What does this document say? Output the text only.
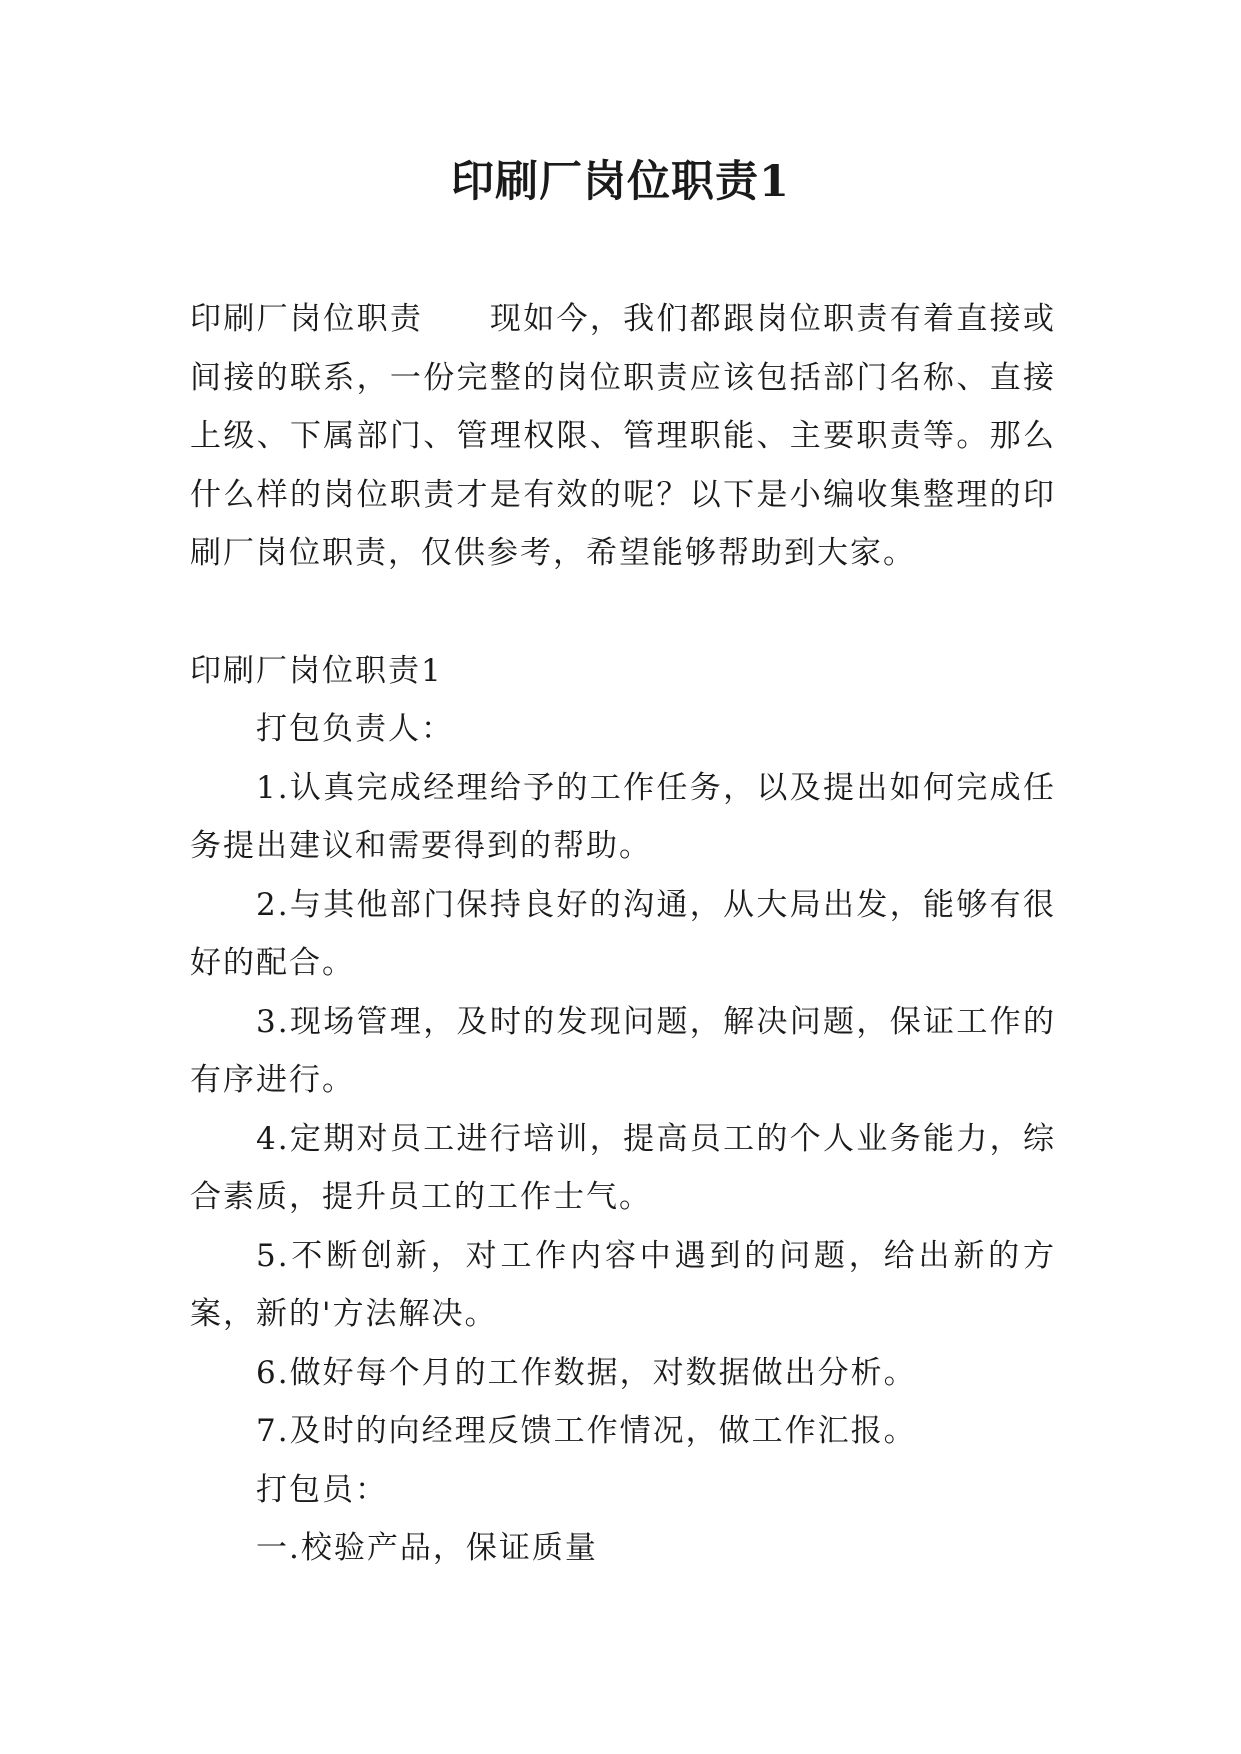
印刷厂岗位职责1

印刷厂岗位职责　　现如今，我们都跟岗位职责有着直接或间接的联系，一份完整的岗位职责应该包括部门名称、直接上级、下属部门、管理权限、管理职能、主要职责等。那么什么样的岗位职责才是有效的呢？以下是小编收集整理的印刷厂岗位职责，仅供参考，希望能够帮助到大家。

印刷厂岗位职责1

打包负责人：

1.认真完成经理给予的工作任务，以及提出如何完成任务提出建议和需要得到的帮助。

2.与其他部门保持良好的沟通，从大局出发，能够有很好的配合。

3.现场管理，及时的发现问题，解决问题，保证工作的有序进行。

4.定期对员工进行培训，提高员工的个人业务能力，综合素质，提升员工的工作士气。

5.不断创新，对工作内容中遇到的问题，给出新的方案，新的'方法解决。

6.做好每个月的工作数据，对数据做出分析。

7.及时的向经理反馈工作情况，做工作汇报。

打包员：

一.校验产品，保证质量
